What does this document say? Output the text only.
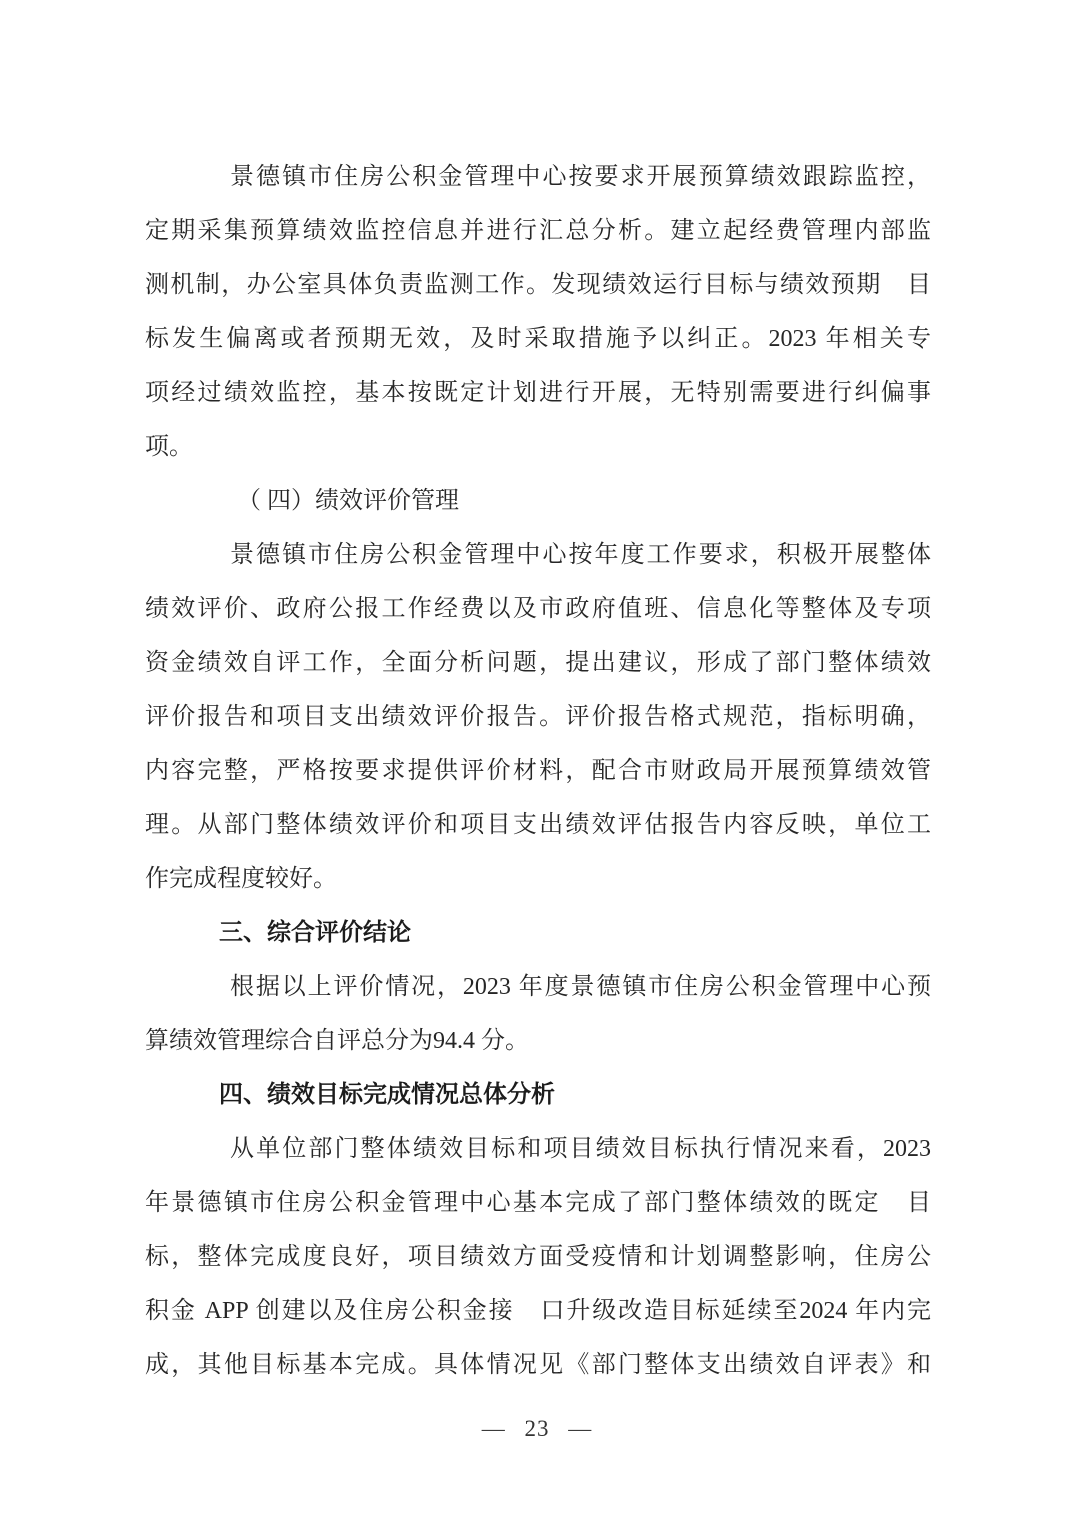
景德镇市住房公积金管理中心按要求开展预算绩效跟踪监控，
定期采集预算绩效监控信息并进行汇总分析。建立起经费管理内部监
测机制，办公室具体负责监测工作。发现绩效运行目标与绩效预期　目
标发生偏离或者预期无效，及时采取措施予以纠正。2023 年相关专
项经过绩效监控，基本按既定计划进行开展，无特别需要进行纠偏事
项。
（ 四）绩效评价管理
景德镇市住房公积金管理中心按年度工作要求，积极开展整体
绩效评价、政府公报工作经费以及市政府值班、信息化等整体及专项
资金绩效自评工作，全面分析问题，提出建议，形成了部门整体绩效
评价报告和项目支出绩效评价报告。评价报告格式规范，指标明确，
内容完整，严格按要求提供评价材料，配合市财政局开展预算绩效管
理。从部门整体绩效评价和项目支出绩效评估报告内容反映，单位工
作完成程度较好。
三、综合评价结论
根据以上评价情况，2023 年度景德镇市住房公积金管理中心预
算绩效管理综合自评总分为94.4 分。
四、绩效目标完成情况总体分析
从单位部门整体绩效目标和项目绩效目标执行情况来看，2023
年景德镇市住房公积金管理中心基本完成了部门整体绩效的既定　目
标，整体完成度良好，项目绩效方面受疫情和计划调整影响，住房公
积金 APP 创建以及住房公积金接　口升级改造目标延续至2024 年内完
成，其他目标基本完成。具体情况见《部门整体支出绩效自评表》和
— 23 —
